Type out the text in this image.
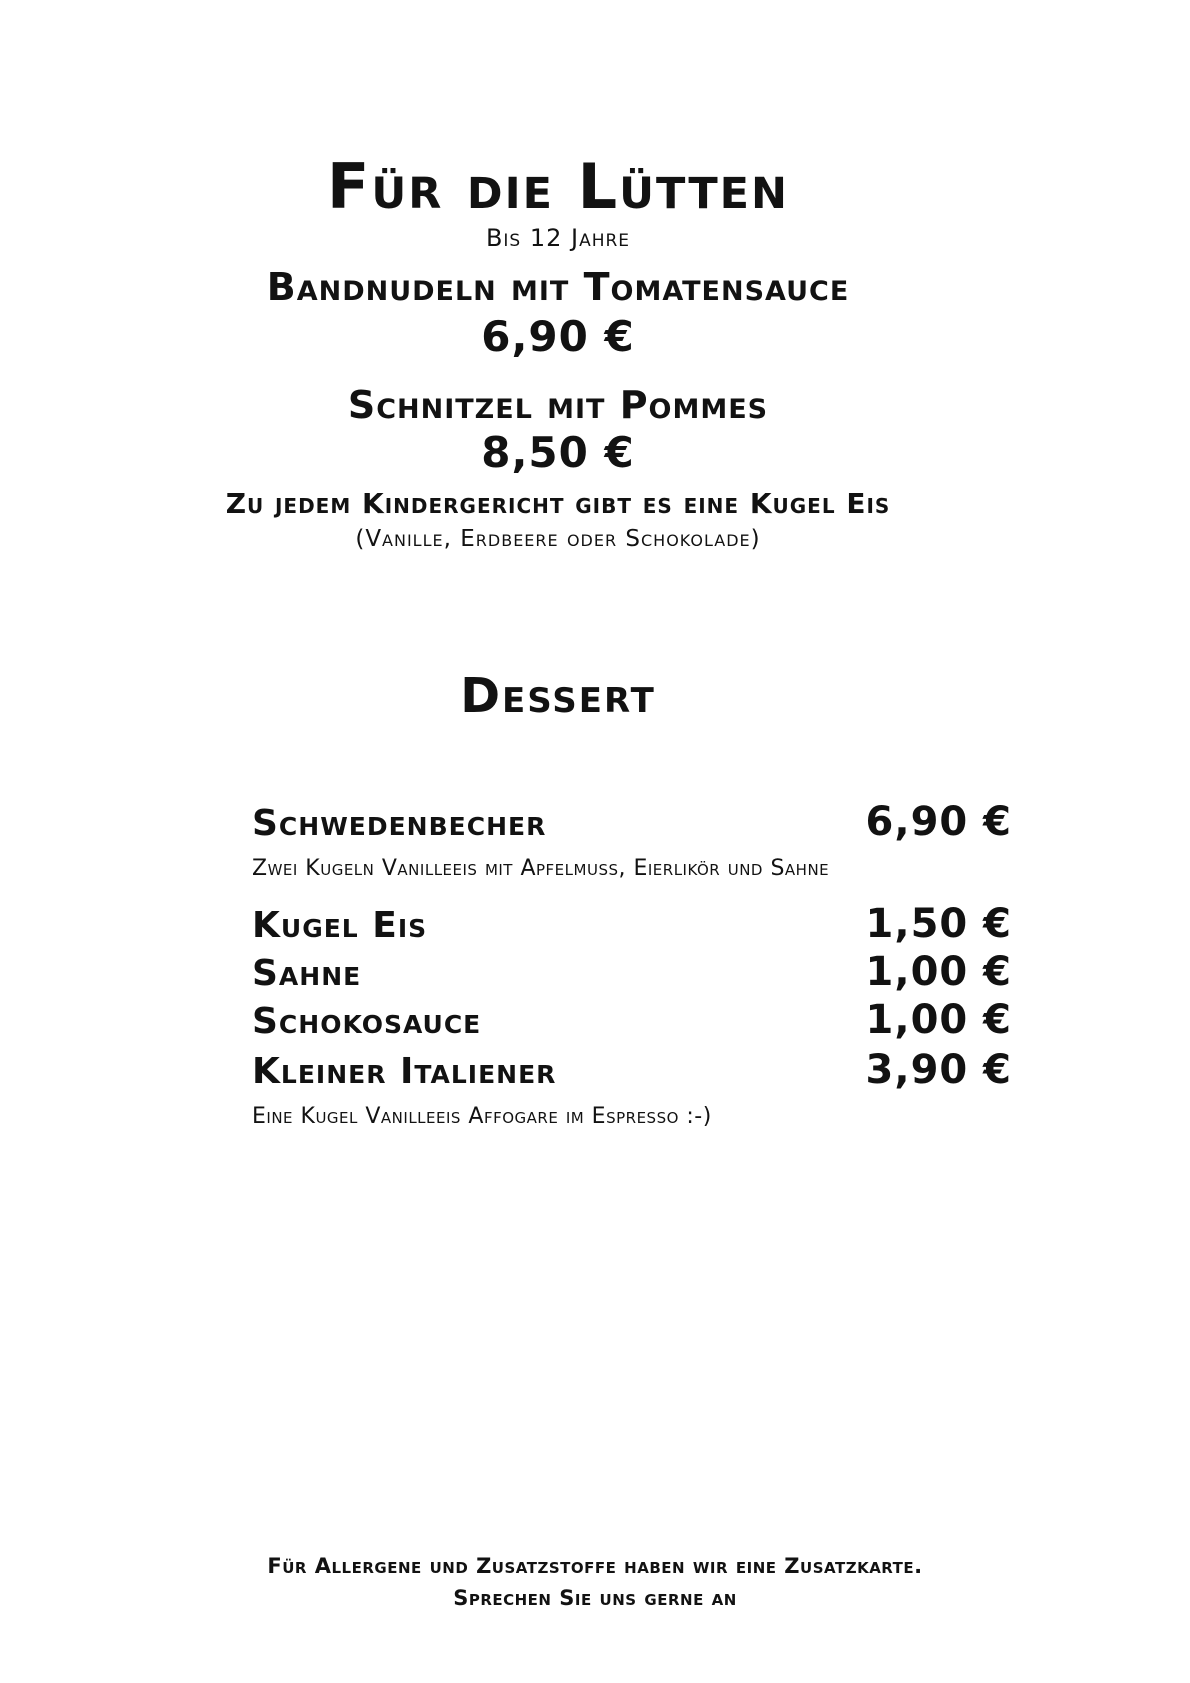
Für die Lütten
Bis 12 Jahre
Bandnudeln mit Tomatensauce
6,90 €
Schnitzel mit Pommes
8,50 €
Zu jedem Kindergericht gibt es eine Kugel Eis
(Vanille, Erdbeere oder Schokolade)
Dessert
Schwedenbecher	6,90 €
Zwei Kugeln Vanilleeis mit Apfelmuss, Eierlikör und Sahne
Kugel Eis	1,50 €
Sahne	1,00 €
Schokosauce	1,00 €
Kleiner Italiener	3,90 €
Eine Kugel Vanilleeis Affogare im Espresso :-)
Für Allergene und Zusatzstoffe haben wir eine Zusatzkarte.
Sprechen Sie uns gerne an
